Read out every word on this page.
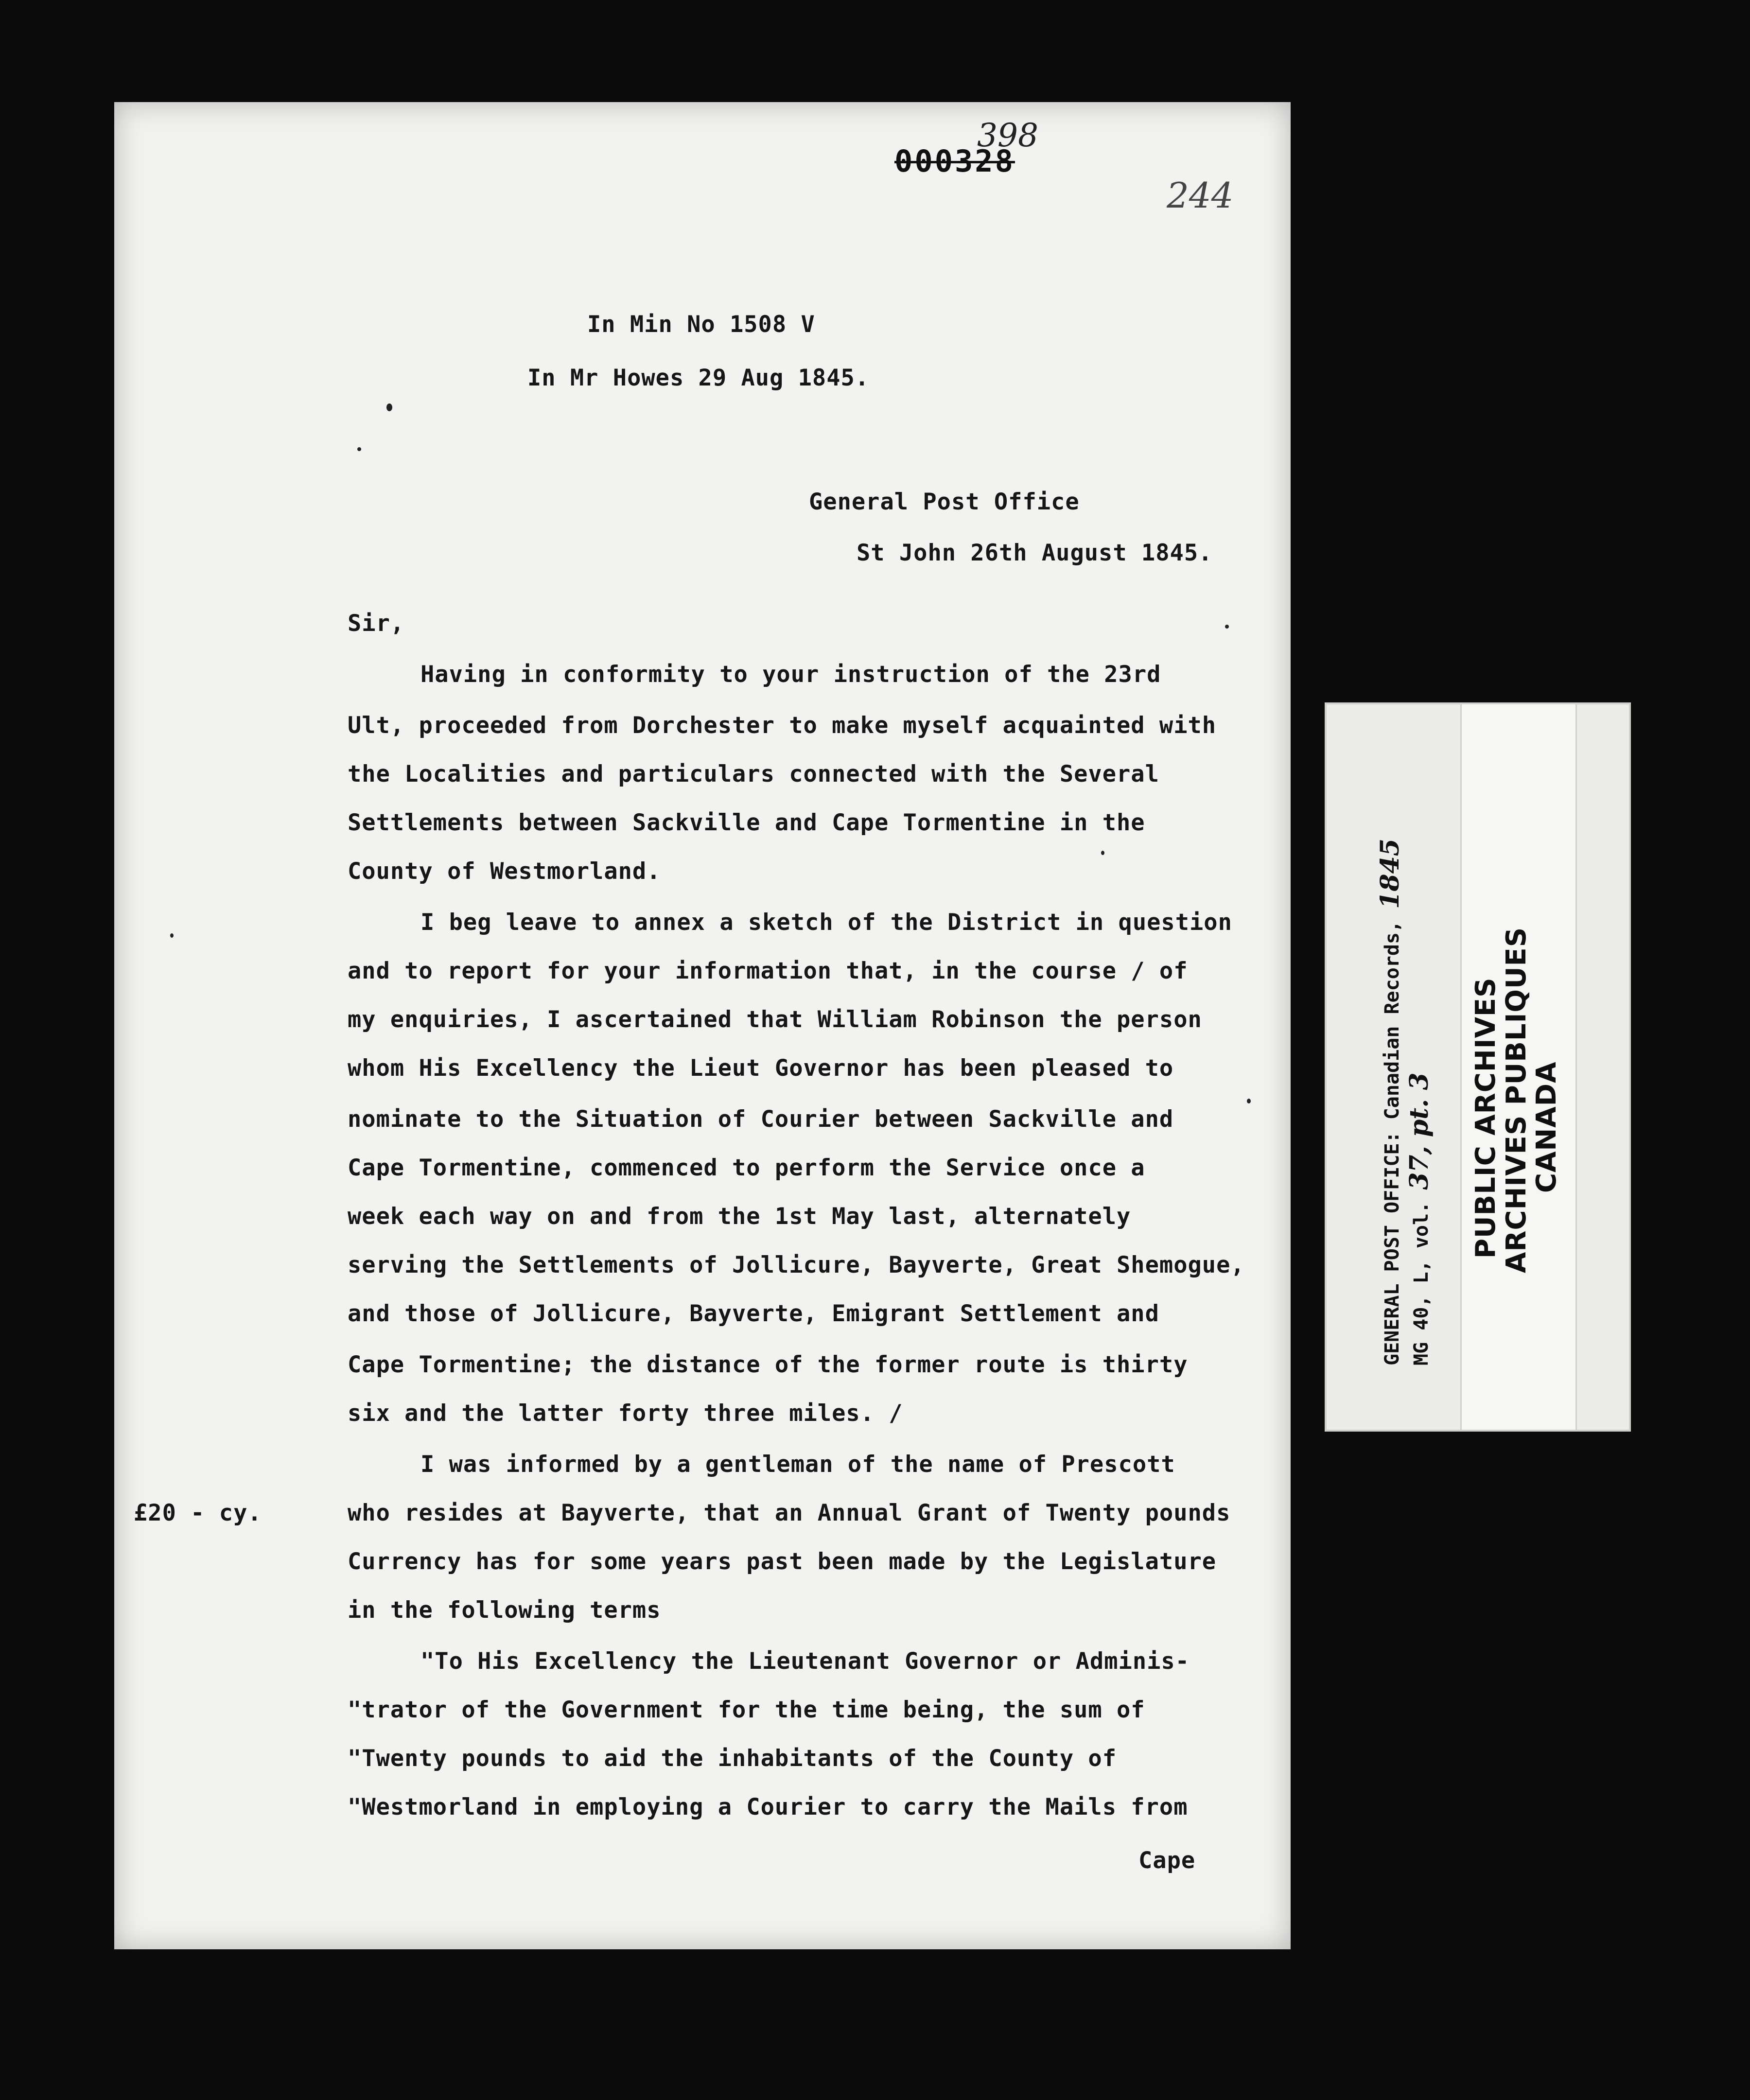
000328
398
244
In Min No 1508 V
In Mr Howes 29 Aug 1845.
General Post Office
St John 26th August 1845.
Sir,
Having in conformity to your instruction of the 23rd
Ult, proceeded from Dorchester to make myself acquainted with
the Localities and particulars connected with the Several
Settlements between Sackville and Cape Tormentine in the
County of Westmorland.
I beg leave to annex a sketch of the District in question
and to report for your information that, in the course / of
my enquiries, I ascertained that William Robinson the person
whom His Excellency the Lieut Governor has been pleased to
nominate to the Situation of Courier between Sackville and
Cape Tormentine, commenced to perform the Service once a
week each way on and from the 1st May last, alternately
serving the Settlements of Jollicure, Bayverte, Great Shemogue,
and those of Jollicure, Bayverte, Emigrant Settlement and
Cape Tormentine; the distance of the former route is thirty
six and the latter forty three miles. /
I was informed by a gentleman of the name of Prescott
who resides at Bayverte, that an Annual Grant of Twenty pounds
Currency has for some years past been made by the Legislature
in the following terms
"To His Excellency the Lieutenant Governor or Adminis-
"trator of the Government for the time being, the sum of
"Twenty pounds to aid the inhabitants of the County of
"Westmorland in employing a Courier to carry the Mails from
£20 - cy.
Cape
GENERAL POST OFFICE: Canadian Records, 1845
MG 40, L, vol. 37, pt. 3 PUBLIC ARCHIVES
ARCHIVES PUBLIQUES
CANADA
